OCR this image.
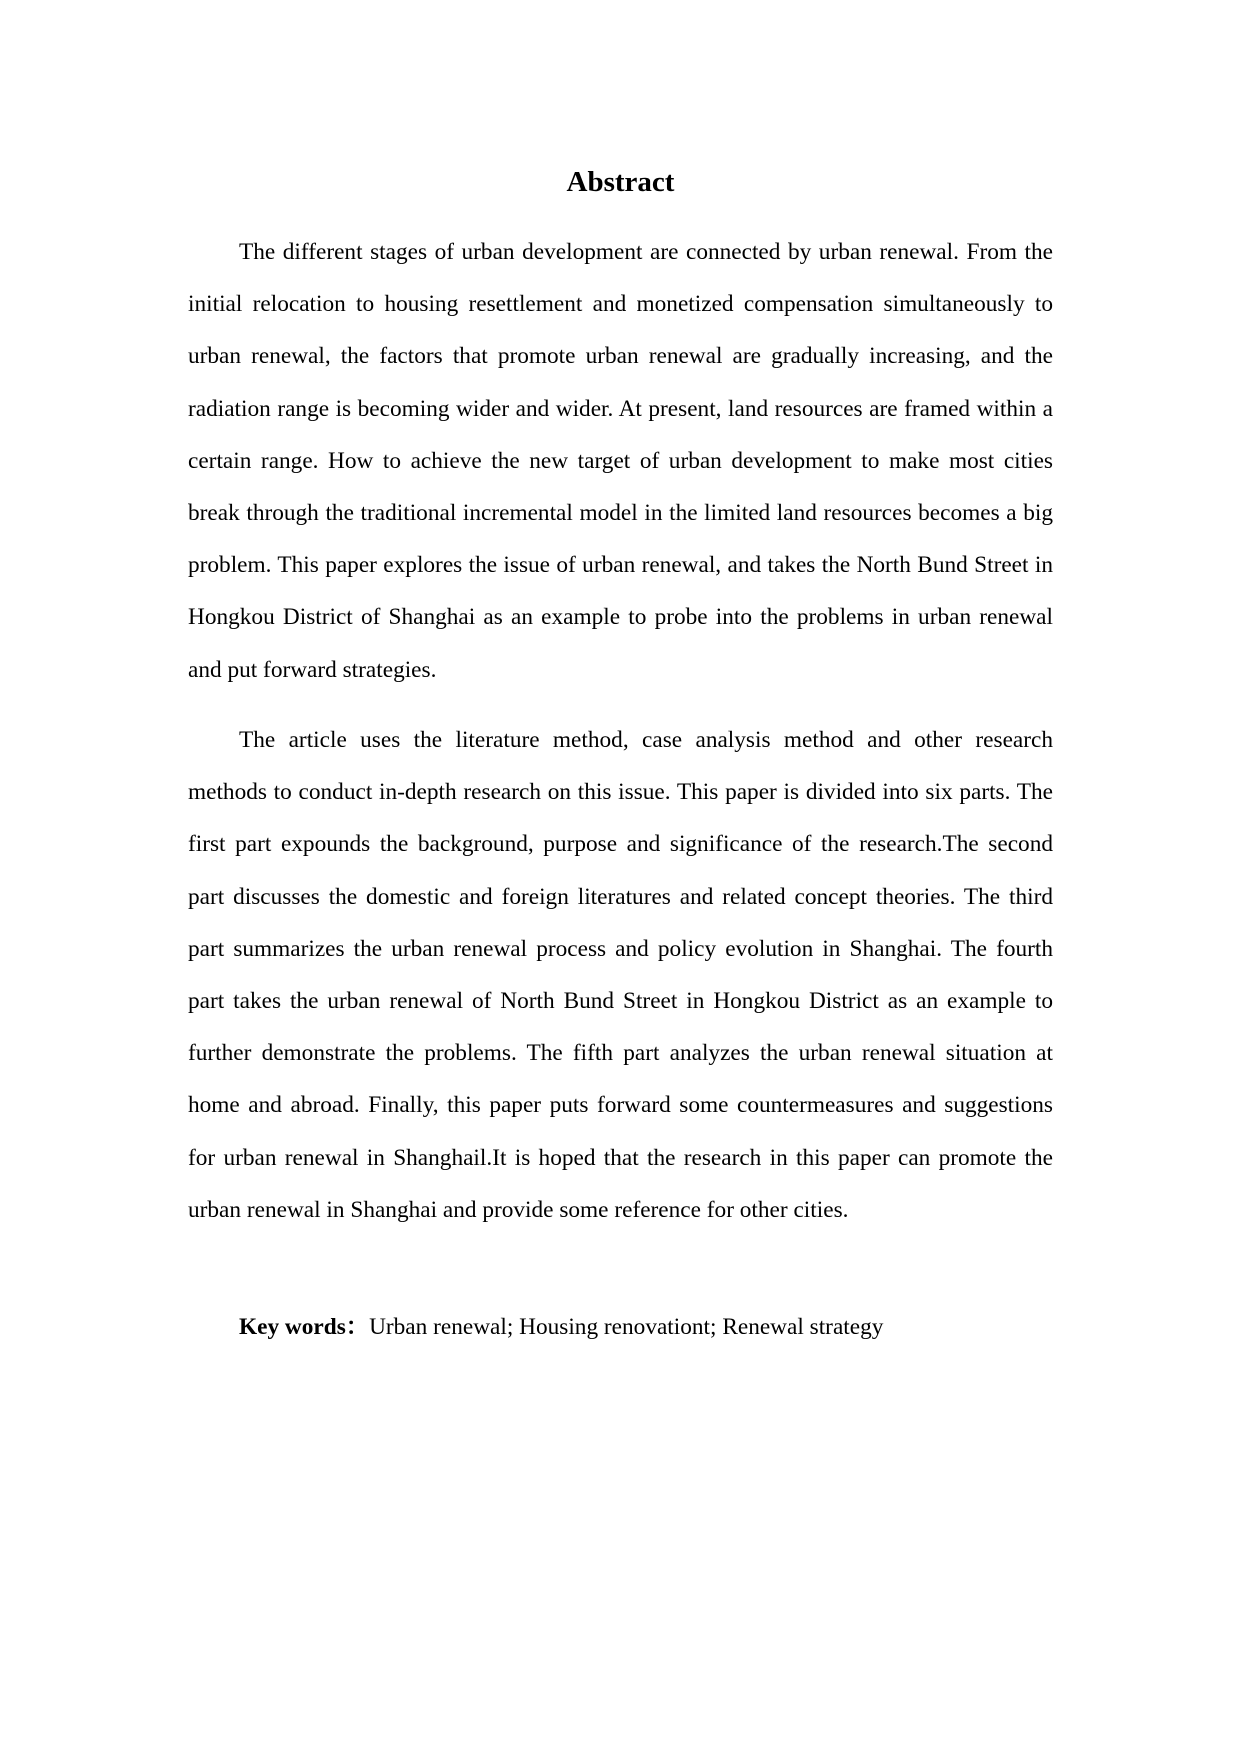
Abstract

The different stages of urban development are connected by urban renewal. From the initial relocation to housing resettlement and monetized compensation simultaneously to urban renewal, the factors that promote urban renewal are gradually increasing, and the radiation range is becoming wider and wider. At present, land resources are framed within a certain range. How to achieve the new target of urban development to make most cities break through the traditional incremental model in the limited land resources becomes a big problem. This paper explores the issue of urban renewal, and takes the North Bund Street in Hongkou District of Shanghai as an example to probe into the problems in urban renewal and put forward strategies.

The article uses the literature method, case analysis method and other research methods to conduct in-depth research on this issue. This paper is divided into six parts. The first part expounds the background, purpose and significance of the research.The second part discusses the domestic and foreign literatures and related concept theories. The third part summarizes the urban renewal process and policy evolution in Shanghai. The fourth part takes the urban renewal of North Bund Street in Hongkou District as an example to further demonstrate the problems. The fifth part analyzes the urban renewal situation at home and abroad. Finally, this paper puts forward some countermeasures and suggestions for urban renewal in Shanghail.It is hoped that the research in this paper can promote the urban renewal in Shanghai and provide some reference for other cities.

Key words：Urban renewal; Housing renovationt; Renewal strategy
